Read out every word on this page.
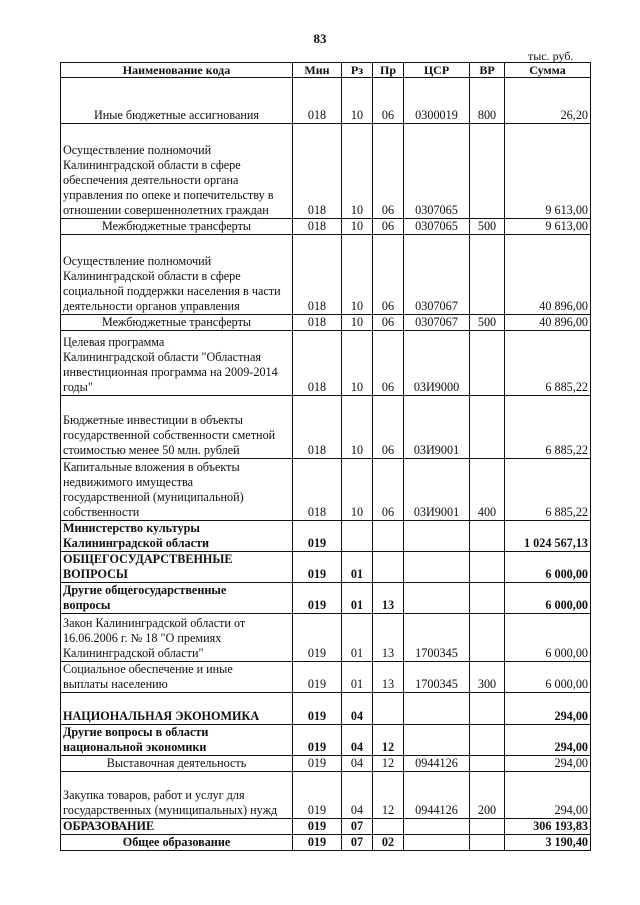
83
тыс. руб.
Наименование кода	Мин	Рз	Пр	ЦСР	ВР	Сумма
Иные бюджетные ассигнования	018	10	06	0300019	800	26,20
Осуществление полномочий
Калининградской области в сфере
обеспечения деятельности органа
управления по опеке и попечительству в
отношении совершеннолетних граждан	018	10	06	0307065		9 613,00
Межбюджетные трансферты	018	10	06	0307065	500	9 613,00
Осуществление полномочий
Калининградской области в сфере
социальной поддержки населения в части
деятельности органов управления	018	10	06	0307067		40 896,00
Межбюджетные трансферты	018	10	06	0307067	500	40 896,00
Целевая программа
Калининградской области "Областная
инвестиционная программа на 2009-2014
годы"	018	10	06	03И9000		6 885,22
Бюджетные инвестиции в объекты
государственной собственности сметной
стоимостью менее 50 млн. рублей	018	10	06	03И9001		6 885,22
Капитальные вложения в объекты
недвижимого имущества
государственной (муниципальной)
собственности	018	10	06	03И9001	400	6 885,22
Министерство культуры
Калининградской области	019					1 024 567,13
ОБЩЕГОСУДАРСТВЕННЫЕ
ВОПРОСЫ	019	01				6 000,00
Другие общегосударственные
вопросы	019	01	13			6 000,00
Закон Калининградской области от
16.06.2006 г. № 18 "О премиях
Калининградской области"	019	01	13	1700345		6 000,00
Социальное обеспечение и иные
выплаты населению	019	01	13	1700345	300	6 000,00
НАЦИОНАЛЬНАЯ ЭКОНОМИКА	019	04				294,00
Другие вопросы в области
национальной экономики	019	04	12			294,00
Выставочная деятельность	019	04	12	0944126		294,00
Закупка товаров, работ и услуг для
государственных (муниципальных) нужд	019	04	12	0944126	200	294,00
ОБРАЗОВАНИЕ	019	07				306 193,83
Общее образование	019	07	02			3 190,40
